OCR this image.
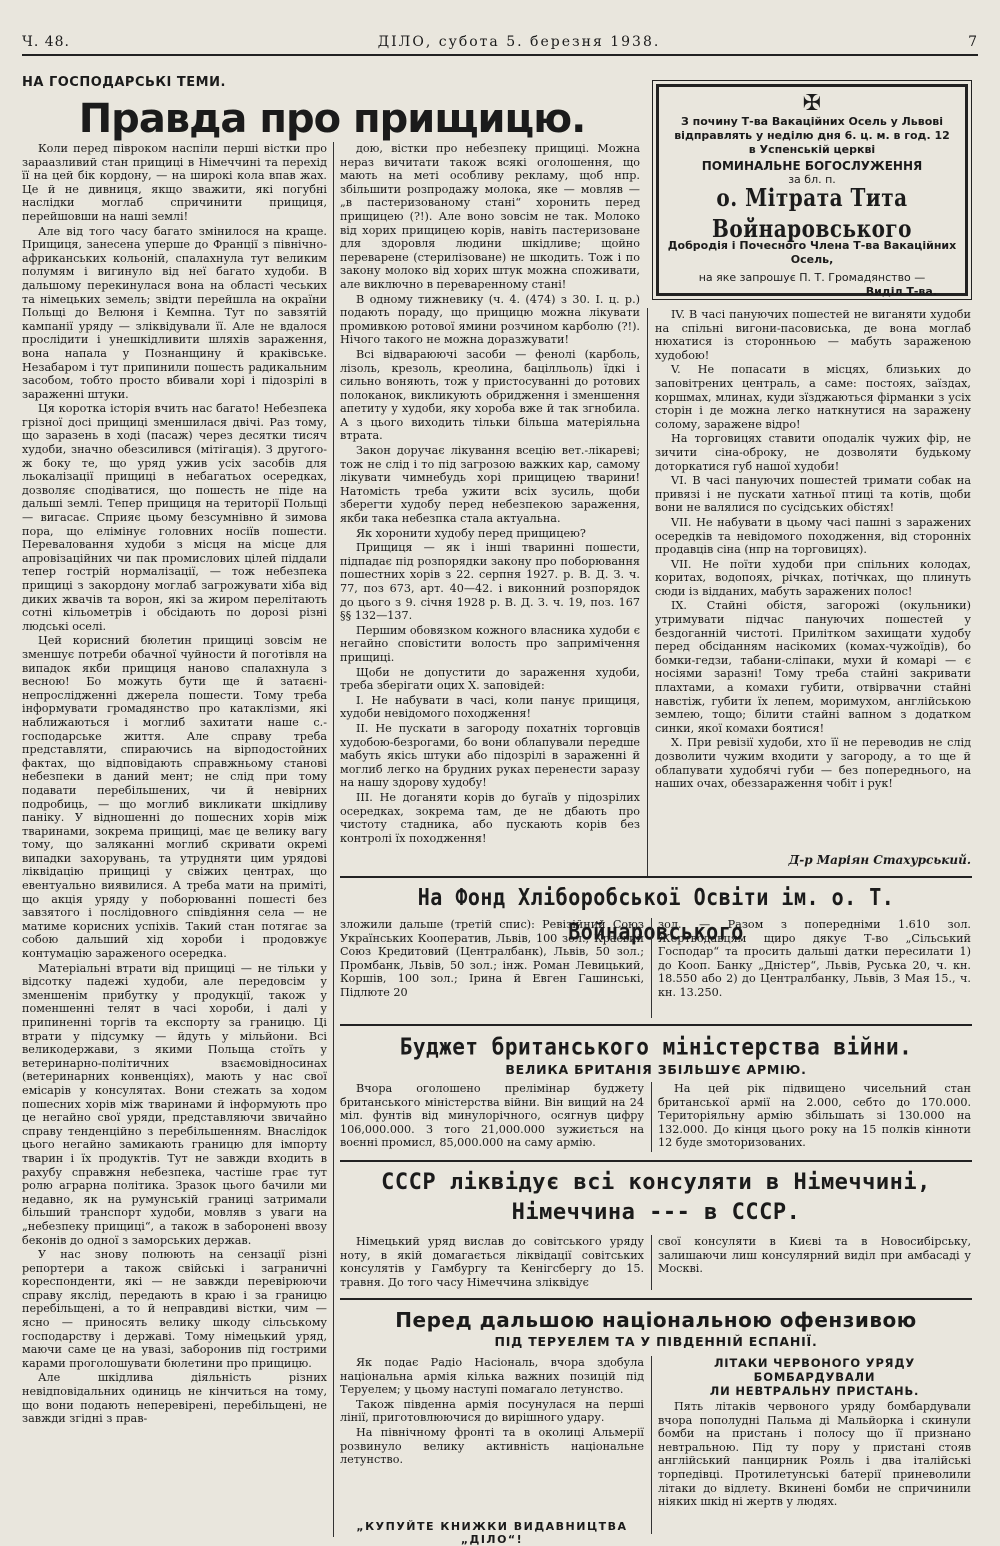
Ч. 48.	ДІЛО, субота 5. березня 1938.	7
НА ГОСПОДАРСЬКІ ТЕМИ.
Правда про прищицю.

Коли перед півроком наспіли перші вістки про зараазливий стан прищиці в Німеччині та перехід її на цей бік кордону, — на широкі кола впав жах. Це й не дивниця, якщо зважити, які погубні наслідки моглаб спричинити прищиця, перейшовши на наші землі!

Але від того часу багато змінилося на краще. Прищиця, занесена уперше до Франції з північно-африканських кольоній, спалахнула тут великим полумям і вигинуло від неї багато худоби. В дальшому перекинулася вона на області чеських та німецьких земель; звідти перейшла на окраїни Польщі до Велюня і Кемпна. Тут по завзятій кампанії уряду — зліквідували її. Але не вдалося прослідити і унешкідливити шляхів зараження, вона напала у Познанщину й краківське. Незабаром і тут припинили пошесть радикальним засобом, тобто просто вбивали хорі і підозрілі в зараженні штуки.

Ця коротка історія вчить нас багато! Небезпека грізної досі прищиці зменшилася двічі. Раз тому, що заразень в ході (пасаж) через десятки тисяч худоби, значно обезсилився (мітігація). З другого-ж боку те, що уряд ужив усіх засобів для льокалізації прищиці в небагатьох осередках, дозволяє сподіватися, що пошесть не піде на дальші землі. Тепер прищиця на території Польщі — вигасає. Сприяє цьому безсумнівно й зимова пора, що елімінує головних носіїв пошести. Переваловання худоби з місця на місце для апровізаційних чи пак промислових цілей піддали тепер гострій нормалізації, — тож небезпека прищиці з закордону моглаб загрожувати хіба від диких жвачів та ворон, які за жиром перелітають сотні кільометрів і обсідають по дорозі різні людські оселі.

Цей корисний бюлетин прищиці зовсім не зменшує потреби обачної чуйности й поготівля на випадок якби прищиця наново спалахнула з весною! Бо можуть бути ще й затаєні-непрослідженні джерела пошести. Тому треба інформувати громадянство про катаклізми, які наближаються і моглиб захитати наше с.-господарське життя. Але справу треба представляти, спираючись на вірподостойних фактах, що відповідають справжньому станові небезпеки в даний мент; не слід при тому подавати перебільшених, чи й невірних подробиць, — що моглиб викликати шкідливу паніку. У відношенні до пошесних хорів між тваринами, зокрема прищиці, має це велику вагу тому, що заляканні моглиб скривати окремі випадки захорувань, та утрудняти цим урядові ліквідацію прищиці у свіжих центрах, що евентуально виявилися. А треба мати на приміті, що акція уряду у поборюванні пошесті без завзятого і послідовного співдіяння села — не матиме корисних успіхів. Такий стан потягає за собою дальший хід хороби і продовжує контумацію зараженого осередка.

Матеріальні втрати від прищиці — не тільки у відсотку падежі худоби, але передовсім у зменшенім прибутку у продукції, також у поменшенні телят в часі хороби, і далі у припиненні торгів та експорту за границю. Ці втрати у підсумку — йдуть у мільйони. Всі великодержави, з якими Польща стоїть у ветеринарно-політичних взаємовідносинах (ветеринарних конвенціях), мають у нас свої емісарів у консулятах. Вони стежать за ходом пошесних хорів між тваринами й інформують про це негайно свої уряди, представляючи звичайно справу тенденційно з перебільшенням. Внаслідок цього негайно замикають границю для імпорту тварин і їх продуктів. Тут не завжди входить в рахубу справжня небезпека, частіше грає тут ролю аграрна політика. Зразок цього бачили ми недавно, як на румунській границі затримали більший транспорт худоби, мовляв з уваги на „небезпеку прищиці“, а також в заборонені ввозу беконів до одної з заморських держав.

У нас знову полюють на сензації різні репортери а також свійські і заграничні кореспонденти, які — не завжди перевірюючи справу якслід, передають в краю і за границю перебільщені, а то й неправдиві вістки, чим — ясно — приносять велику шкоду сільському господарству і державі. Тому німецький уряд, маючи саме це на увазі, заборонив під гострими карами проголошувати бюлетини про прищицю.

Але шкідлива діяльність різних невідповідальних одиниць не кінчиться на тому, що вони подають неперевірені, перебільщені, не завжди згідні з прав-

дою, вістки про небезпеку прищиці. Можна нераз вичитати також всякі оголошення, що мають на меті особливу рекламу, щоб нпр. збільшити розпродажу молока, яке — мовляв — „в пастеризованому стані“ хоронить перед прищицею (?!). Але воно зовсім не так. Молоко від хорих прищицею корів, навіть пастеризоване для здоровля людини шкідливе; щойно переварене (стерилізоване) не шкодить. Тож і по закону молоко від хорих штук можна споживати, але виключно в переваренному стані!

В одному тижневику (ч. 4. (474) з 30. І. ц. р.) подають пораду, що прищицю можна лікувати промивкою ротової ямини розчином карболю (?!). Нічого такого не можна доразжувати!

Всі відвараюючі засоби — фенолі (карболь, лізоль, крезоль, креолина, бацілльоль) їдкі і сильно воняють, тож у пристосуванні до ротових полоканок, викликують обридження і зменшення апетиту у худоби, яку хороба вже й так згнобила. А з цього виходить тільки більша матеріяльна втрата.

Закон доручає лікування всецію вет.-лікареві; тож не слід і то під загрозою важких кар, самому лікувати чимнебудь хорі прищицею тварини! Натомість треба ужити всіх зусиль, щоби зберегти худобу перед небезпекою зараження, якби така небезпка стала актуальна.

Як хоронити худобу перед прищицею?

Прищиця — як і інші тваринні пошести, підпадає під розпорядки закону про поборювання пошестних хорів з 22. серпня 1927. р. В. Д. З. ч. 77, поз 673, арт. 40—42. і виконний розпорядок до цього з 9. січня 1928 р. В. Д. З. ч. 19, поз. 167 §§ 132—137.

Першим обовязком кожного власника худоби є негайно сповістити волость про запримічення прищиці.

Щоби не допустити до зараження худоби, треба зберігати оцих Х. заповідей:

I. Не набувати в часі, коли панує прищиця, худоби невідомого походження!

II. Не пускати в загороду похатніх торговців худобою-безрогами, бо вони облапували передше мабуть якісь штуки або підозрілі в зараженні й моглиб легко на брудних руках перенести заразу на нашу здорову худобу!

III. Не доганяти корів до бугаїв у підозрілих осередках, зокрема там, де не дбають про чистоту стадника, або пускають корів без контролі їх походження!

✠
З почину Т-ва Вакаційних Осель у Львові
відправлять у неділю дня 6. ц. м. в год. 12
в Успенській церкві
ПОМИНАЛЬНЕ БОГОСЛУЖЕННЯ
за бл. п.
о. Мітрата Тита Войнаровського
Добродія і Почесного Члена Т-ва Вакаційних
Осель,
на яке запрошує П. Т. Громадянство —
Виділ Т-ва.

IV. В часі пануючих пошестей не виганяти худоби на спільні вигони-пасовиська, де вона моглаб нюхатися із сторонньою — мабуть зараженою худобою!

V. Не попасати в місцях, близьких до заповітрених централь, а саме: постоях, заїздах, коршмах, млинах, куди зїзджаються фірманки з усіх сторін і де можна легко наткнутися на заражену солому, заражене відро!

На торговицях ставити оподалік чужих фір, не зичити сіна-оброку, не дозволяти будькому доторкатися губ нашої худоби!

VI. В часі пануючих пошестей тримати собак на привязі і не пускати хатньої птиці та котів, щоби вони не валялися по сусідських обістях!

VII. Не набувати в цьому часі пашні з заражених осередків та невідомого походження, від сторонніх продавців сіна (нпр на торговицях).

VII. Не поїти худоби при спільних колодах, коритах, водопоях, річках, потічках, що плинуть сюди із відданих, мабуть заражених полос!

IX. Стайні обістя, загорожі (окульники) утримувати підчас пануючих пошестей у бездоганній чистоті. Прилітком захищати худобу перед обсіданням насікомих (комах-чужоїдів), бо бомки-гедзи, табани-сліпаки, мухи й комарі — є носіями заразні! Тому треба стайні закривати плахтами, а комахи губити, отвірвачни стайні навстіж, губити їх лепем, моримухом, англійською землею, тощо; білити стайні вапном з додатком синки, якої комахи боятися!

X. При ревізії худоби, хто її не переводив не слід дозволити чужим входити у загороду, а то ще й облапувати худобячі губи — без попереднього, на наших очах, обеззараження чобіт і рук!

Д-р Маріян Стахурський.
На Фонд Хліборобської Освіти ім. о. Т. Войнаровського

зложили дальше (третій спис): Ревізійний Союз Українських Кооператив, Львів, 100 зол.; Краєвий Союз Кредитовий (Централбанк), Львів, 50 зол.; Промбанк, Львів, 50 зол.; інж. Роман Левицький, Коршів, 100 зол.; Ірина й Евген Гашинські, Підлюте 20

зол. — Разом з попередніми 1.610 зол. Жертводавцям щиро дякує Т-во „Сільський Господар“ та просить дальші датки пересилати 1) до Кооп. Банку „Дністер“, Львів, Руська 20, ч. кн. 18.550 або 2) до Централбанку, Львів, 3 Мая 15., ч. кн. 13.250.

Буджет британського міністерства війни.
ВЕЛИКА БРИТАНІЯ ЗБІЛЬШУЄ АРМІЮ.

Вчора оголошено прелімінар буджету британського міністерства війни. Він вищий на 24 міл. фунтів від минулорічного, осягнув цифру 106,000.000. З того 21,000.000 зужиється на воєнні промисл, 85,000.000 на саму армію.

На цей рік підвищено чисельний стан британської армії на 2.000, себто до 170.000. Територіяльну армію збільшать зі 130.000 на 132.000. До кінця цього року на 15 полків кінноти 12 буде змоторизованих.

СССР ліквідує всі консуляти в Німеччині,
Німеччина --- в СССР.

Німецький уряд вислав до совітського уряду ноту, в якій домагається ліквідації совітських консулятів у Гамбургу та Кенігсбергу до 15. травня. До того часу Німеччина зліквідує

свої консуляти в Києві та в Новосибірську, залишаючи лиш консулярний виділ при амбасаді у Москві.

Перед дальшою національною офензивою
ПІД ТЕРУЕЛЕМ ТА У ПІВДЕННІЙ ЕСПАНІЇ.

Як подає Радіо Насіональ, вчора здобула національна армія кілька важних позицій під Теруелем; у цьому наступі помагало летунство.

Також південна армія посунулася на перші лінії, приготовлюючися до вирішного удару.

На північному фронті та в околиці Альмерії розвинуло велику активність національне летунство.

ЛІТАКИ ЧЕРВОНОГО УРЯДУ БОМБАРДУВАЛИ
ЛИ НЕВТРАЛЬНУ ПРИСТАНЬ.

Пять літаків червоного уряду бомбардували вчора пополудні Пальма ді Мальйорка і скинули бомби на пристань і полосу що її признано невтральною. Під ту пору у пристані стояв англійський панцирник Рояль і два італійські торпедівці. Протилетунські батерії приневолили літаки до відлету. Вкинені бомби не спричинили ніяких шкід ні жертв у людях.

„КУПУЙТЕ КНИЖКИ ВИДАВНИЦТВА „ДІЛО“!
